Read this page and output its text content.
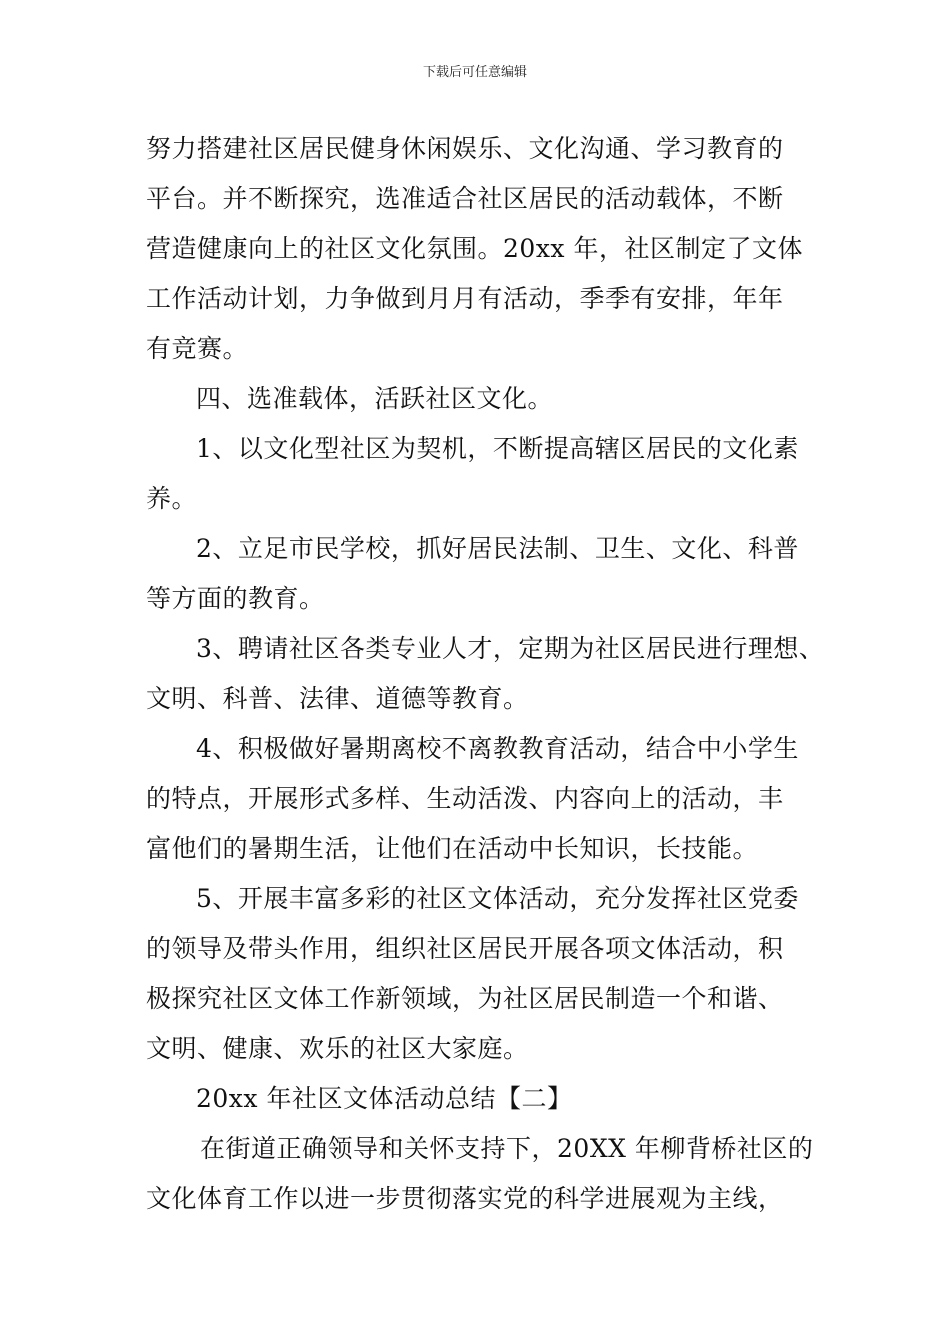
下载后可任意编辑
努力搭建社区居民健身休闲娱乐、文化沟通、学习教育的
平台。并不断探究，选准适合社区居民的活动载体，不断
营造健康向上的社区文化氛围。20xx 年，社区制定了文体
工作活动计划，力争做到月月有活动，季季有安排，年年
有竞赛。
四、选准载体，活跃社区文化。
1、以文化型社区为契机，不断提高辖区居民的文化素
养。
2、立足市民学校，抓好居民法制、卫生、文化、科普
等方面的教育。
3、聘请社区各类专业人才，定期为社区居民进行理想、
文明、科普、法律、道德等教育。
4、积极做好暑期离校不离教教育活动，结合中小学生
的特点，开展形式多样、生动活泼、内容向上的活动，丰
富他们的暑期生活，让他们在活动中长知识，长技能。
5、开展丰富多彩的社区文体活动，充分发挥社区党委
的领导及带头作用，组织社区居民开展各项文体活动，积
极探究社区文体工作新领域，为社区居民制造一个和谐、
文明、健康、欢乐的社区大家庭。
20xx 年社区文体活动总结【二】
在街道正确领导和关怀支持下，20XX 年柳背桥社区的
文化体育工作以进一步贯彻落实党的科学进展观为主线，
